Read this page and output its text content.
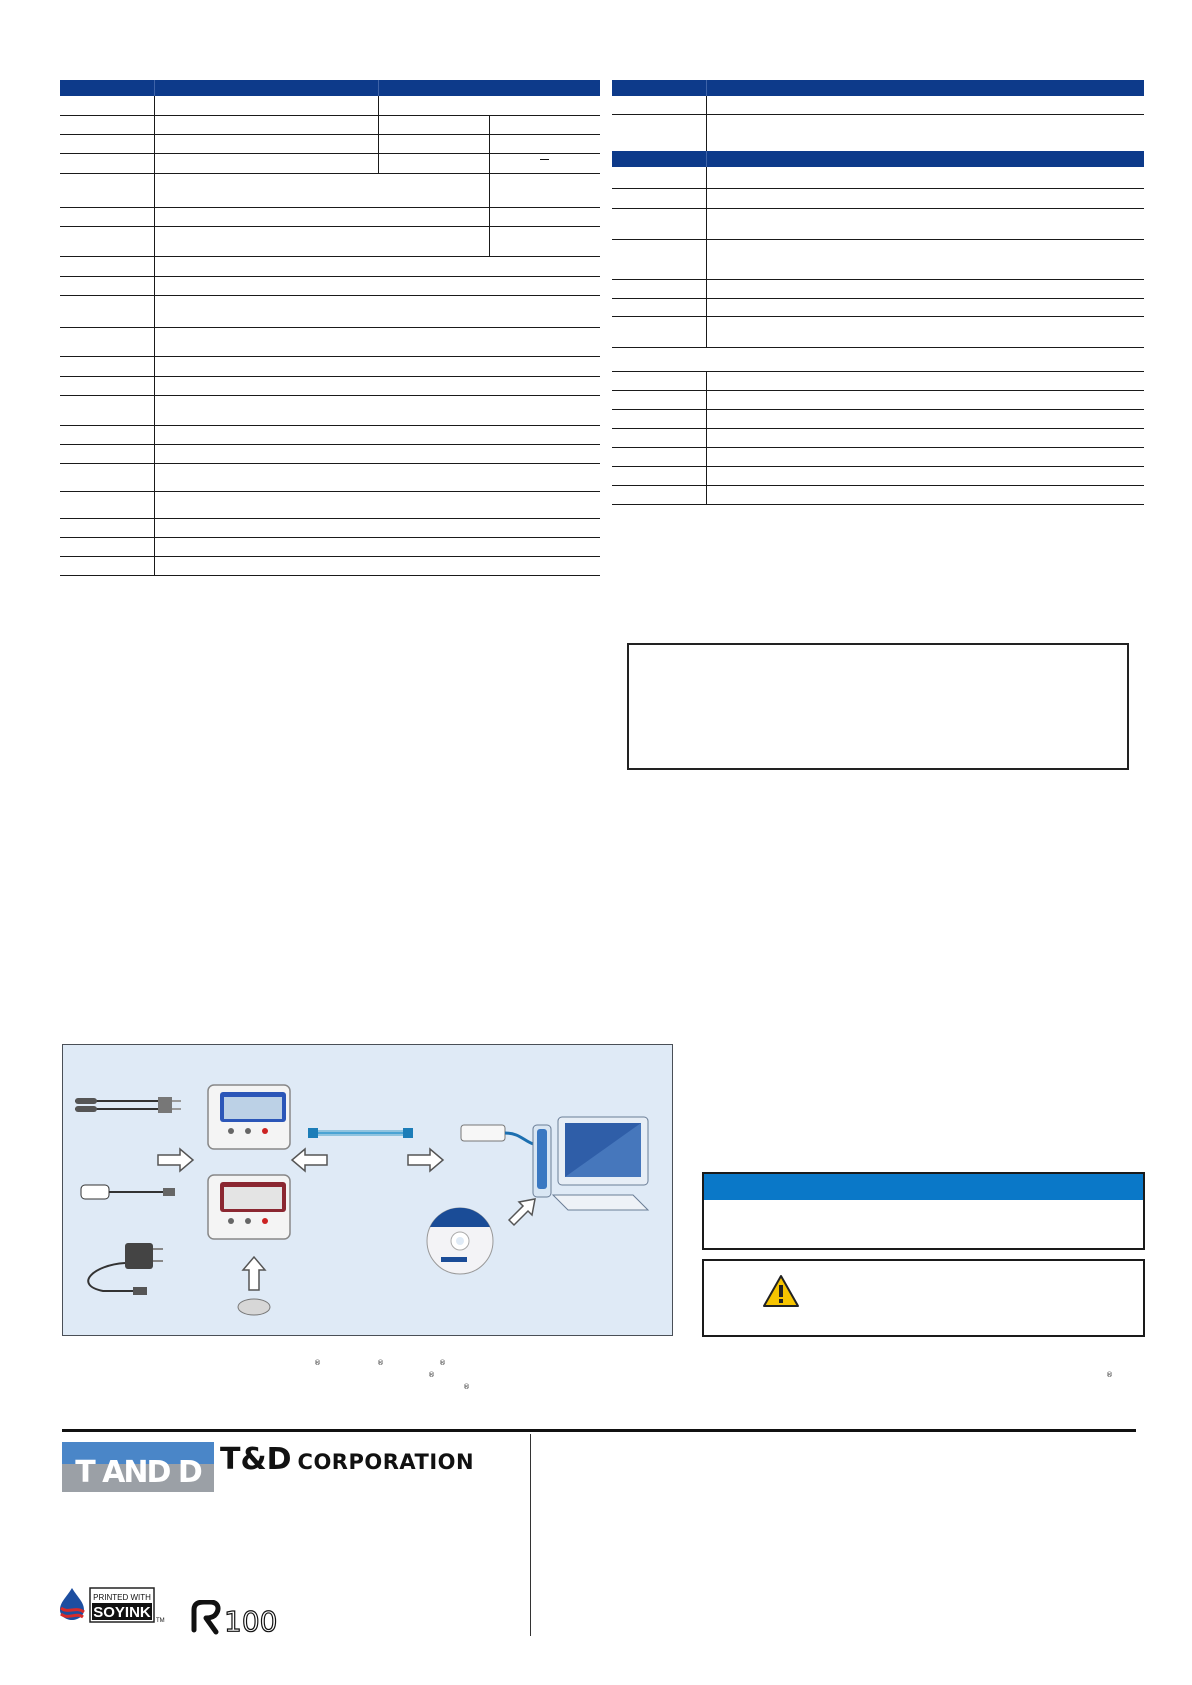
®	®	®
®
®
®
T AND D T&D CORPORATION
PRINTED WITH
SOYINK TM 100
